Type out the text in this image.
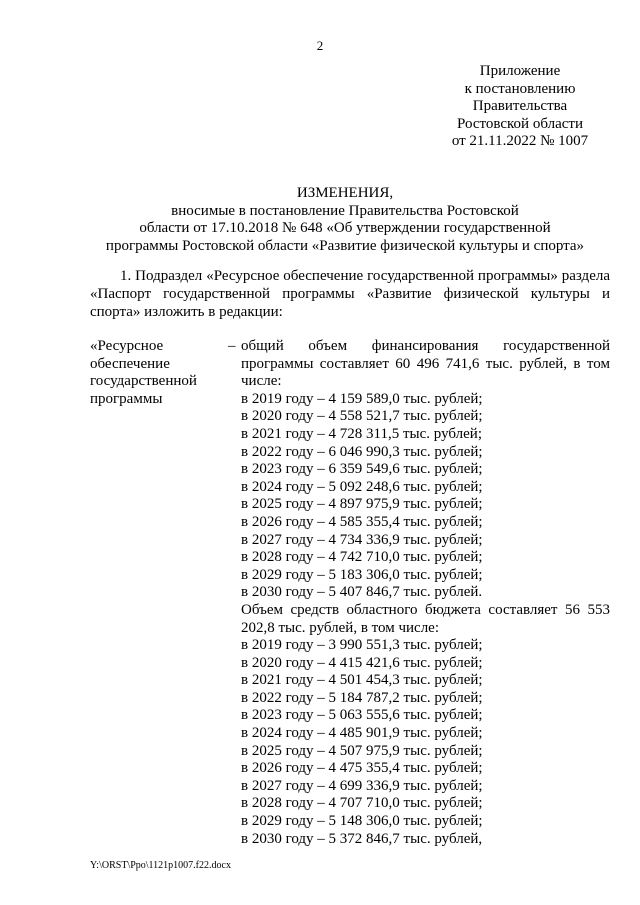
2
Приложение
к постановлению
Правительства
Ростовской области
от 21.11.2022 № 1007
ИЗМЕНЕНИЯ,
вносимые в постановление Правительства Ростовской
области от 17.10.2018 № 648 «Об утверждении государственной
программы Ростовской области «Развитие физической культуры и спорта»

1. Подраздел «Ресурсное обеспечение государственной программы» раздела «Паспорт государственной программы «Развитие физической культуры и спорта» изложить в редакции:

«Ресурсное
обеспечение
государственной
программы
– общий объем финансирования государственной программы составляет 60 496 741,6 тыс. рублей, в том числе:

в 2019 году – 4 159 589,0 тыс. рублей;
в 2020 году – 4 558 521,7 тыс. рублей;
в 2021 году – 4 728 311,5 тыс. рублей;
в 2022 году – 6 046 990,3 тыс. рублей;
в 2023 году – 6 359 549,6 тыс. рублей;
в 2024 году – 5 092 248,6 тыс. рублей;
в 2025 году – 4 897 975,9 тыс. рублей;
в 2026 году – 4 585 355,4 тыс. рублей;
в 2027 году – 4 734 336,9 тыс. рублей;
в 2028 году – 4 742 710,0 тыс. рублей;
в 2029 году – 5 183 306,0 тыс. рублей;
в 2030 году – 5 407 846,7 тыс. рублей.

Объем средств областного бюджета составляет 56 553 202,8 тыс. рублей, в том числе:

в 2019 году – 3 990 551,3 тыс. рублей;
в 2020 году – 4 415 421,6 тыс. рублей;
в 2021 году – 4 501 454,3 тыс. рублей;
в 2022 году – 5 184 787,2 тыс. рублей;
в 2023 году – 5 063 555,6 тыс. рублей;
в 2024 году – 4 485 901,9 тыс. рублей;
в 2025 году – 4 507 975,9 тыс. рублей;
в 2026 году – 4 475 355,4 тыс. рублей;
в 2027 году – 4 699 336,9 тыс. рублей;
в 2028 году – 4 707 710,0 тыс. рублей;
в 2029 году – 5 148 306,0 тыс. рублей;
в 2030 году – 5 372 846,7 тыс. рублей,
Y:\ORST\Ppo\1121p1007.f22.docx
